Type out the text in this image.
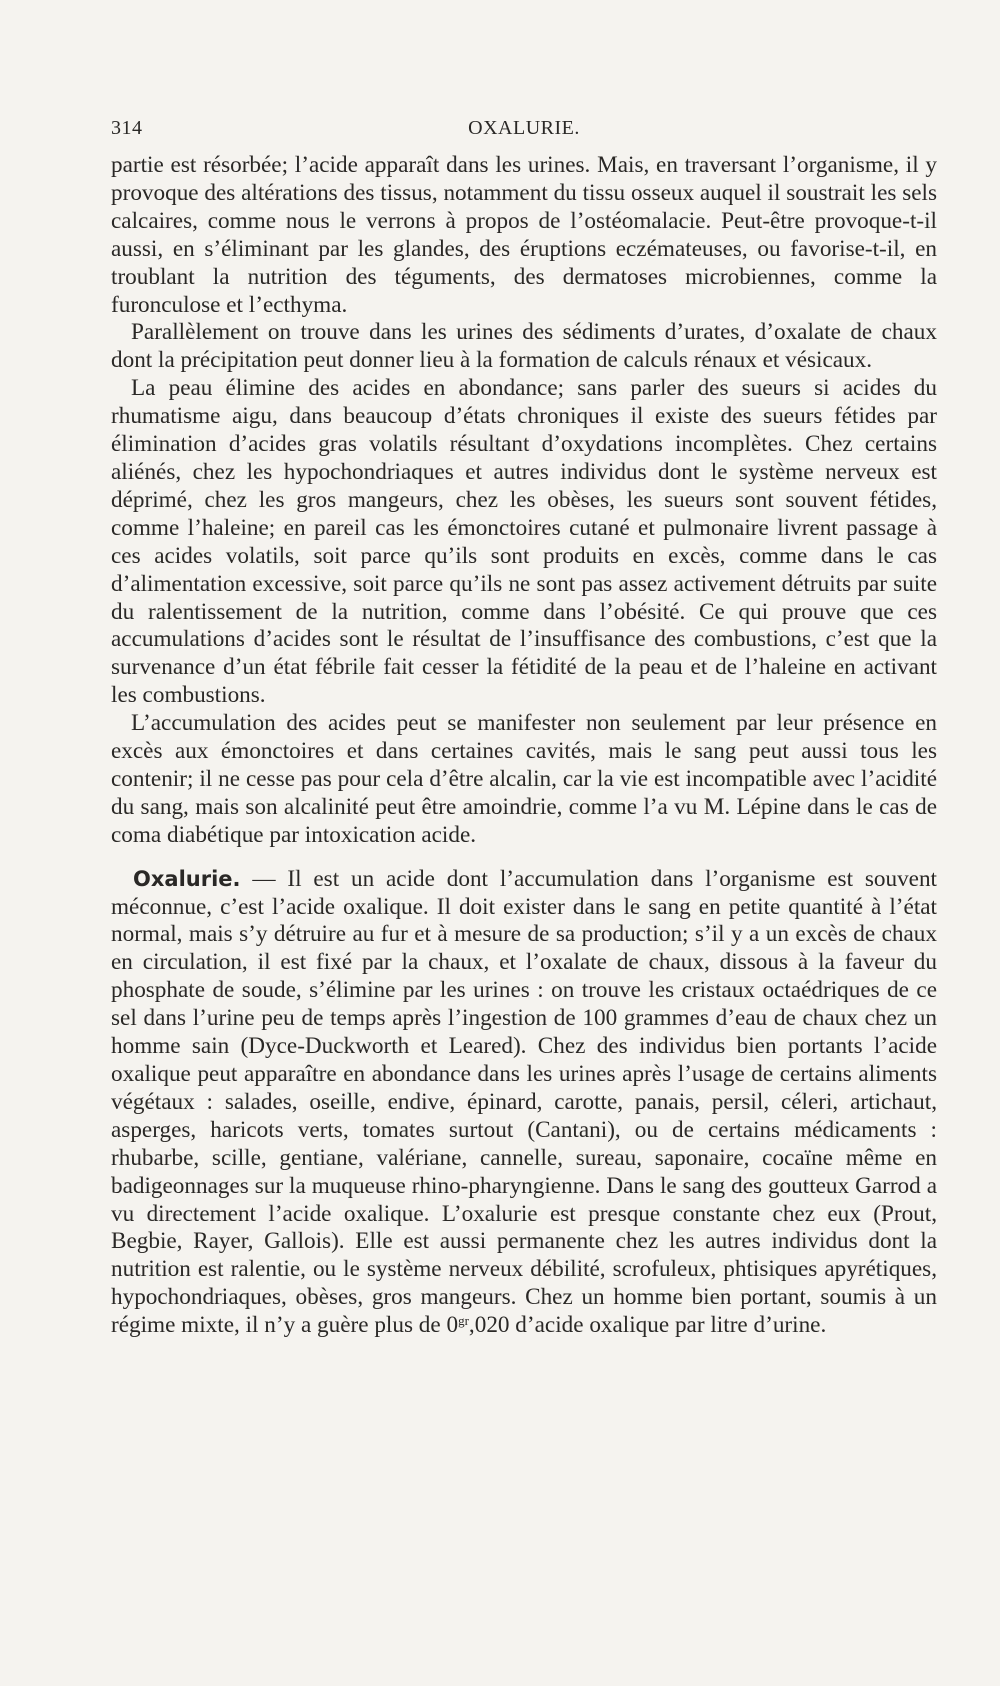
314	OXALURIE.

partie est résorbée; l’acide apparaît dans les urines. Mais, en traversant l’organisme, il y provoque des altérations des tissus, notamment du tissu osseux auquel il soustrait les sels calcaires, comme nous le verrons à propos de l’ostéomalacie. Peut-être provoque-t-il aussi, en s’éliminant par les glandes, des éruptions eczémateuses, ou favorise-t-il, en troublant la nutrition des téguments, des dermatoses microbiennes, comme la furonculose et l’ecthyma.

Parallèlement on trouve dans les urines des sédiments d’urates, d’oxalate de chaux dont la précipitation peut donner lieu à la formation de calculs rénaux et vésicaux.

La peau élimine des acides en abondance; sans parler des sueurs si acides du rhumatisme aigu, dans beaucoup d’états chroniques il existe des sueurs fétides par élimination d’acides gras volatils résultant d’oxydations incomplètes. Chez certains aliénés, chez les hypochondriaques et autres individus dont le système nerveux est déprimé, chez les gros mangeurs, chez les obèses, les sueurs sont souvent fétides, comme l’haleine; en pareil cas les émonctoires cutané et pulmonaire livrent passage à ces acides volatils, soit parce qu’ils sont produits en excès, comme dans le cas d’alimentation excessive, soit parce qu’ils ne sont pas assez activement détruits par suite du ralentissement de la nutrition, comme dans l’obésité. Ce qui prouve que ces accumulations d’acides sont le résultat de l’insuffisance des combustions, c’est que la survenance d’un état fébrile fait cesser la fétidité de la peau et de l’haleine en activant les combustions.

L’accumulation des acides peut se manifester non seulement par leur présence en excès aux émonctoires et dans certaines cavités, mais le sang peut aussi tous les contenir; il ne cesse pas pour cela d’être alcalin, car la vie est incompatible avec l’acidité du sang, mais son alcalinité peut être amoindrie, comme l’a vu M. Lépine dans le cas de coma diabétique par intoxication acide.

Oxalurie. — Il est un acide dont l’accumulation dans l’organisme est souvent méconnue, c’est l’acide oxalique. Il doit exister dans le sang en petite quantité à l’état normal, mais s’y détruire au fur et à mesure de sa production; s’il y a un excès de chaux en circulation, il est fixé par la chaux, et l’oxalate de chaux, dissous à la faveur du phosphate de soude, s’élimine par les urines : on trouve les cristaux octaédriques de ce sel dans l’urine peu de temps après l’ingestion de 100 grammes d’eau de chaux chez un homme sain (Dyce-Duckworth et Leared). Chez des individus bien portants l’acide oxalique peut apparaître en abondance dans les urines après l’usage de certains aliments végétaux : salades, oseille, endive, épinard, carotte, panais, persil, céleri, artichaut, asperges, haricots verts, tomates surtout (Cantani), ou de certains médicaments : rhubarbe, scille, gentiane, valériane, cannelle, sureau, saponaire, cocaïne même en badigeonnages sur la muqueuse rhino-pharyngienne. Dans le sang des goutteux Garrod a vu directement l’acide oxalique. L’oxalurie est presque constante chez eux (Prout, Begbie, Rayer, Gallois). Elle est aussi permanente chez les autres individus dont la nutrition est ralentie, ou le système nerveux débilité, scrofuleux, phtisiques apyrétiques, hypochondriaques, obèses, gros mangeurs. Chez un homme bien portant, soumis à un régime mixte, il n’y a guère plus de $0^{gr},020$ d’acide oxalique par litre d’urine.
